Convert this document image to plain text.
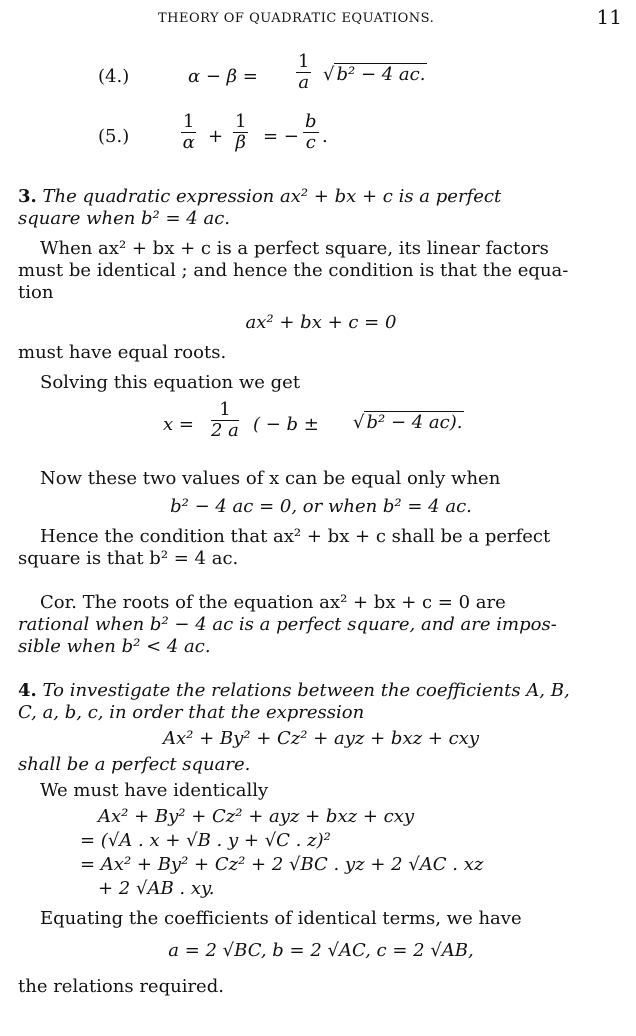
THEORY OF QUADRATIC EQUATIONS.	11
(4.)	$\alpha - \beta = \frac{1}{a}$ √ b² − 4 ac.
(5.)	$\frac{1}{\alpha} + \frac{1}{\beta}$ = − $\frac{b}{c}$ .
3. The quadratic expression ax² + bx + c is a perfect
square when b² = 4 ac.
When ax² + bx + c is a perfect square, its linear factors
must be identical ; and hence the condition is that the equa-
tion
ax² + bx + c = 0
must have equal roots.
Solving this equation we get
$x = \frac{1}{2 a}$ ( − b ± √ b² − 4 ac).
Now these two values of x can be equal only when
b² − 4 ac = 0, or when b² = 4 ac.
Hence the condition that ax² + bx + c shall be a perfect
square is that b² = 4 ac.
Cor. The roots of the equation ax² + bx + c = 0 are
rational when b² − 4 ac is a perfect square, and are impos-
sible when b² < 4 ac.
4. To investigate the relations between the coefficients A, B,
C, a, b, c, in order that the expression
Ax² + By² + Cz² + ayz + bxz + cxy
shall be a perfect square.
We must have identically
Ax² + By² + Cz² + ayz + bxz + cxy
= (√A . x + √B . y + √C . z)²
= Ax² + By² + Cz² + 2 √BC . yz + 2 √AC . xz
+ 2 √AB . xy.
Equating the coefficients of identical terms, we have
a = 2 √BC, b = 2 √AC, c = 2 √AB,
the relations required.
